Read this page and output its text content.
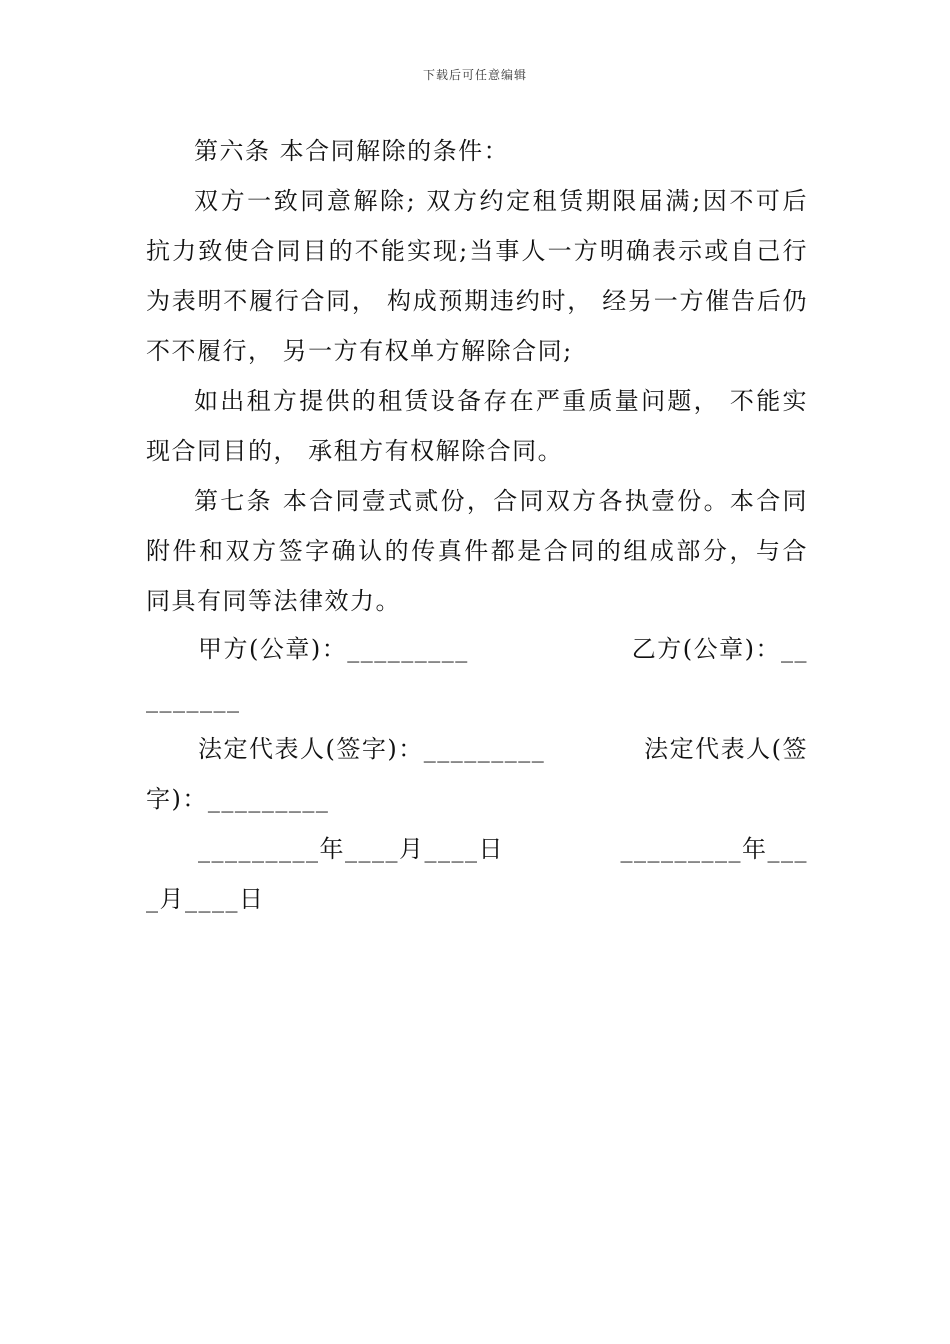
下载后可任意编辑

第六条 本合同解除的条件：

双方一致同意解除; 双方约定租赁期限届满;因不可后抗力致使合同目的不能实现;当事人一方明确表示或自己行为表明不履行合同， 构成预期违约时， 经另一方催告后仍不不履行， 另一方有权单方解除合同;

如出租方提供的租赁设备存在严重质量问题， 不能实现合同目的， 承租方有权解除合同。

第七条 本合同壹式贰份，合同双方各执壹份。本合同附件和双方签字确认的传真件都是合同的组成部分，与合同具有同等法律效力。

甲方(公章)：_________	乙方(公章)：__
_______
法定代表人(签字)：_________	法定代表人(签
字)：_________
_________年____月____日	_________年___
_月____日
